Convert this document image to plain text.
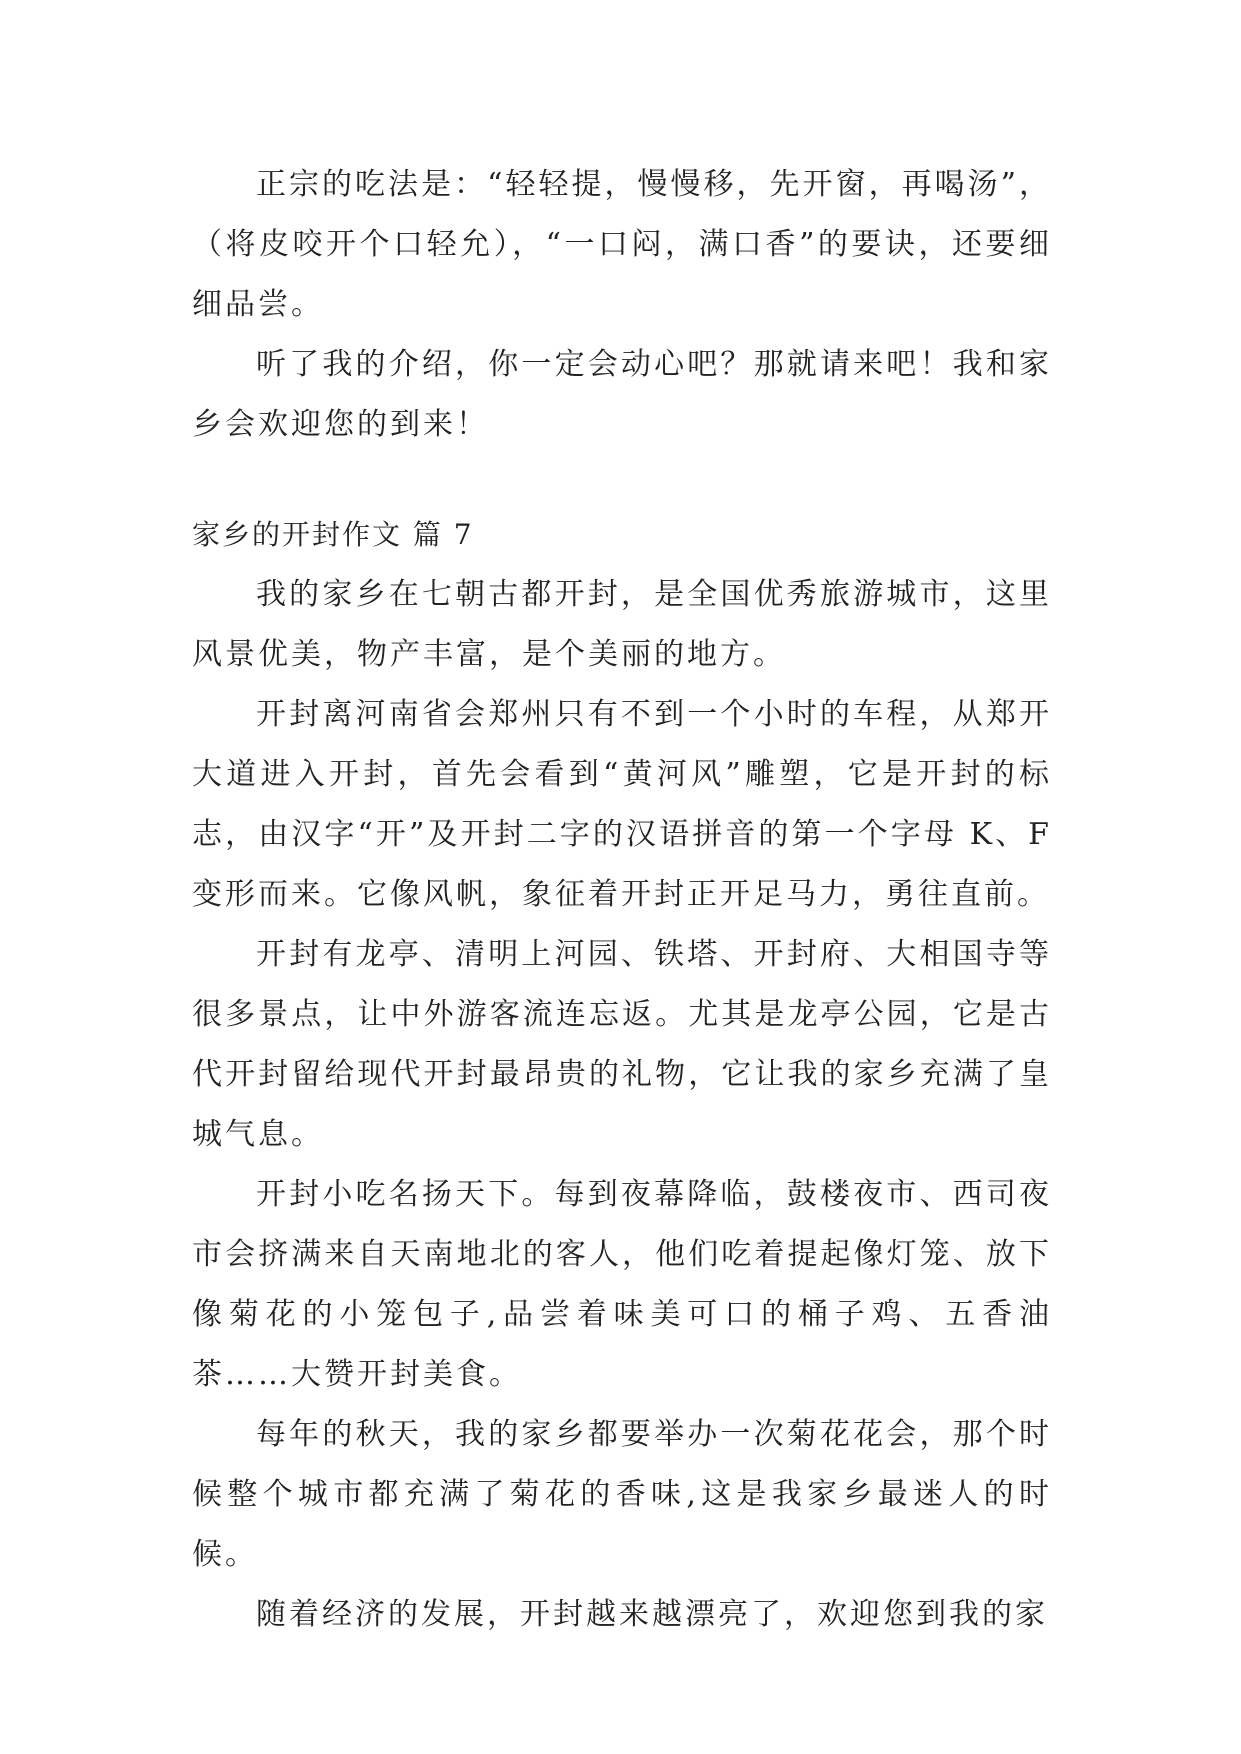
正宗的吃法是：“轻轻提，慢慢移，先开窗，再喝汤”，（将皮咬开个口轻允），“一口闷，满口香”的要诀，还要细细品尝。

听了我的介绍，你一定会动心吧？那就请来吧！我和家乡会欢迎您的到来！

家乡的开封作文 篇 7

我的家乡在七朝古都开封，是全国优秀旅游城市，这里风景优美，物产丰富，是个美丽的地方。

开封离河南省会郑州只有不到一个小时的车程，从郑开大道进入开封，首先会看到“黄河风”雕塑，它是开封的标志，由汉字“开”及开封二字的汉语拼音的第一个字母 K、F 变形而来。它像风帆，象征着开封正开足马力，勇往直前。

开封有龙亭、清明上河园、铁塔、开封府、大相国寺等很多景点，让中外游客流连忘返。尤其是龙亭公园，它是古代开封留给现代开封最昂贵的礼物，它让我的家乡充满了皇城气息。

开封小吃名扬天下。每到夜幕降临，鼓楼夜市、西司夜市会挤满来自天南地北的客人，他们吃着提起像灯笼、放下像菊花的小笼包子,品尝着味美可口的桶子鸡、五香油茶……大赞开封美食。

每年的秋天，我的家乡都要举办一次菊花花会，那个时候整个城市都充满了菊花的香味,这是我家乡最迷人的时候。

随着经济的发展，开封越来越漂亮了，欢迎您到我的家
